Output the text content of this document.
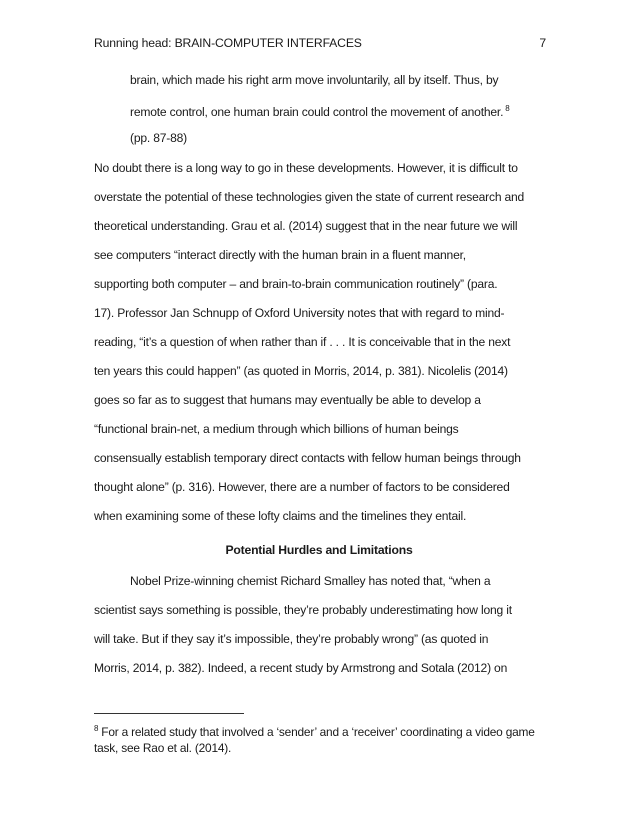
Running head: BRAIN-COMPUTER INTERFACES	7
brain, which made his right arm move involuntarily, all by itself. Thus, by
remote control, one human brain could control the movement of another. $^8$
(pp. 87-88)
No doubt there is a long way to go in these developments. However, it is difficult to
overstate the potential of these technologies given the state of current research and
theoretical understanding. Grau et al. (2014) suggest that in the near future we will
see computers “interact directly with the human brain in a fluent manner,
supporting both computer – and brain-to-brain communication routinely” (para.
17). Professor Jan Schnupp of Oxford University notes that with regard to mind-
reading, “it’s a question of when rather than if . . . It is conceivable that in the next
ten years this could happen” (as quoted in Morris, 2014, p. 381). Nicolelis (2014)
goes so far as to suggest that humans may eventually be able to develop a
“functional brain-net, a medium through which billions of human beings
consensually establish temporary direct contacts with fellow human beings through
thought alone” (p. 316). However, there are a number of factors to be considered
when examining some of these lofty claims and the timelines they entail.
Potential Hurdles and Limitations
Nobel Prize-winning chemist Richard Smalley has noted that, “when a
scientist says something is possible, they’re probably underestimating how long it
will take. But if they say it’s impossible, they’re probably wrong” (as quoted in
Morris, 2014, p. 382). Indeed, a recent study by Armstrong and Sotala (2012) on
$^8$ For a related study that involved a ‘sender’ and a ‘receiver’ coordinating a video game task, see Rao et al. (2014).
